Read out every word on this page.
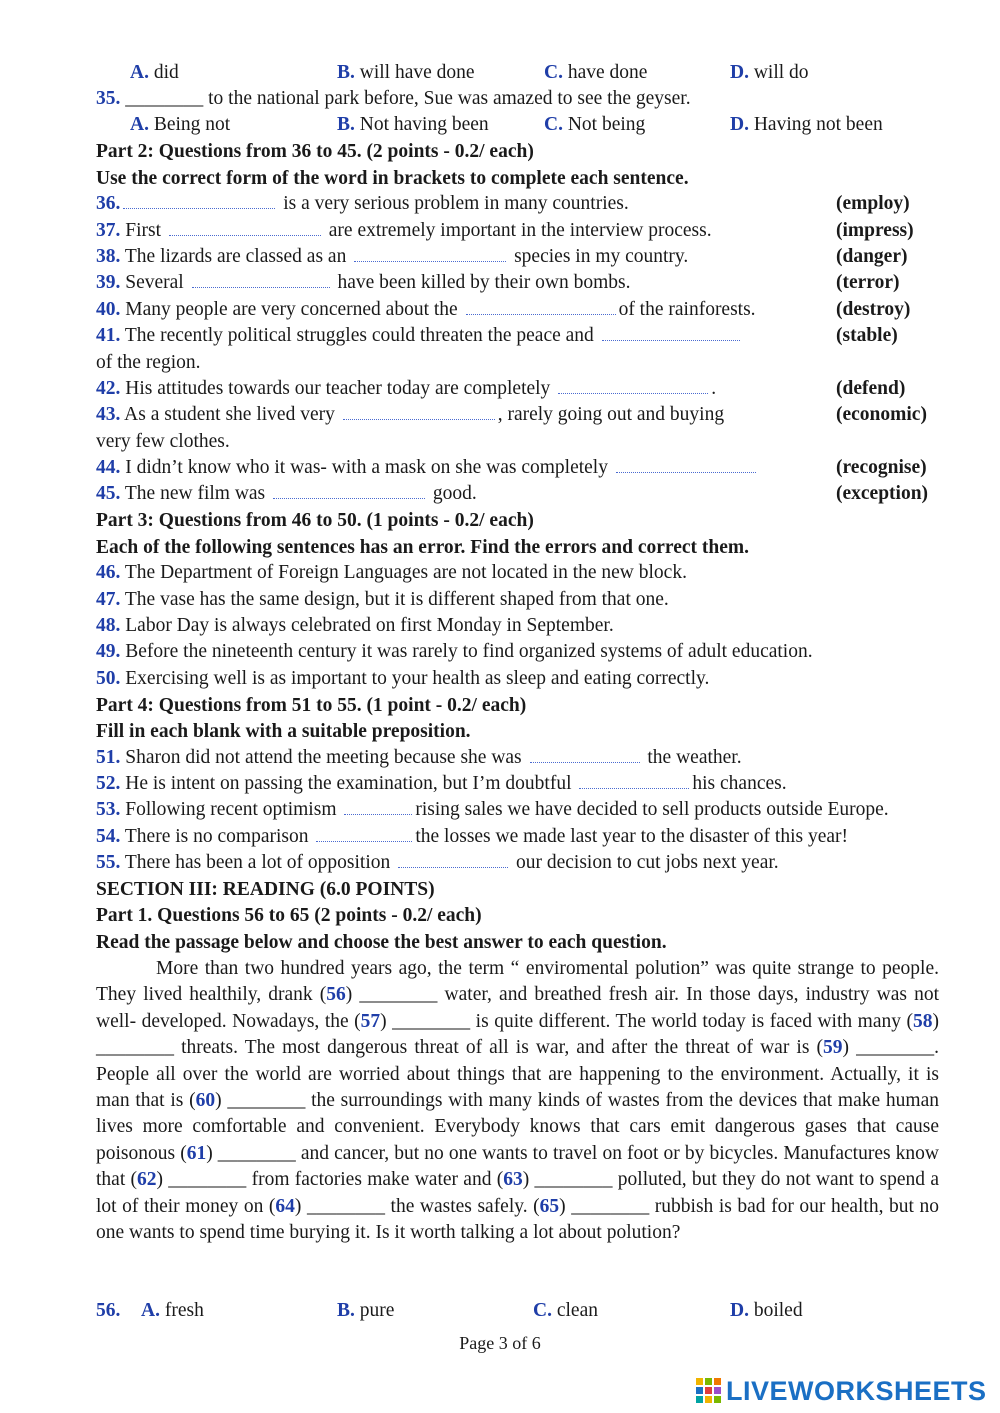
A. did	B. will have done	C. have done	D. will do
35. ________ to the national park before, Sue was amazed to see the geyser.
A. Being not	B. Not having been	C. Not being	D. Having not been
Part 2: Questions from 36 to 45. (2 points - 0.2/ each)
Use the correct form of the word in brackets to complete each sentence.
36.	is a very serious problem in many countries.	(employ)
37. First	are extremely important in the interview process.	(impress)
38. The lizards are classed as an	species in my country.	(danger)
39. Several	have been killed by their own bombs.	(terror)
40. Many people are very concerned about the	of the rainforests.	(destroy)
41. The recently political struggles could threaten the peace and	(stable)
of the region.
42. His attitudes towards our teacher today are completely	.	(defend)
43. As a student she lived very	, rarely going out and buying	(economic)
very few clothes.
44. I didn’t know who it was- with a mask on she was completely	(recognise)
45. The new film was	good.	(exception)
Part 3: Questions from 46 to 50. (1 points - 0.2/ each)
Each of the following sentences has an error. Find the errors and correct them.
46. The Department of Foreign Languages are not located in the new block.
47. The vase has the same design, but it is different shaped from that one.
48. Labor Day is always celebrated on first Monday in September.
49. Before the nineteenth century it was rarely to find organized systems of adult education.
50. Exercising well is as important to your health as sleep and eating correctly.
Part 4: Questions from 51 to 55. (1 point - 0.2/ each)
Fill in each blank with a suitable preposition.
51. Sharon did not attend the meeting because she was	the weather.
52. He is intent on passing the examination, but I’m doubtful	his chances.
53. Following recent optimism	rising sales we have decided to sell products outside Europe.
54. There is no comparison	the losses we made last year to the disaster of this year!
55. There has been a lot of opposition	our decision to cut jobs next year.
SECTION III: READING (6.0 POINTS)
Part 1. Questions 56 to 65 (2 points - 0.2/ each)
Read the passage below and choose the best answer to each question.
More than two hundred years ago, the term “ enviromental polution” was quite strange to people. They lived healthily, drank (56) ________ water, and breathed fresh air. In those days, industry was not well- developed. Nowadays, the (57) ________ is quite different. The world today is faced with many (58) ________ threats. The most dangerous threat of all is war, and after the threat of war is (59) ________. People all over the world are worried about things that are happening to the environment. Actually, it is man that is (60) ________ the surroundings with many kinds of wastes from the devices that make human lives more comfortable and convenient. Everybody knows that cars emit dangerous gases that cause poisonous (61) ________ and cancer, but no one wants to travel on foot or by bicycles. Manufactures know that (62) ________ from factories make water and (63) ________ polluted, but they do not want to spend a lot of their money on (64) ________ the wastes safely. (65) ________ rubbish is bad for our health, but no one wants to spend time burying it. Is it worth talking a lot about polution?
56. A. fresh	B. pure	C. clean	D. boiled
Page 3 of 6
LIVEWORKSHEETS
